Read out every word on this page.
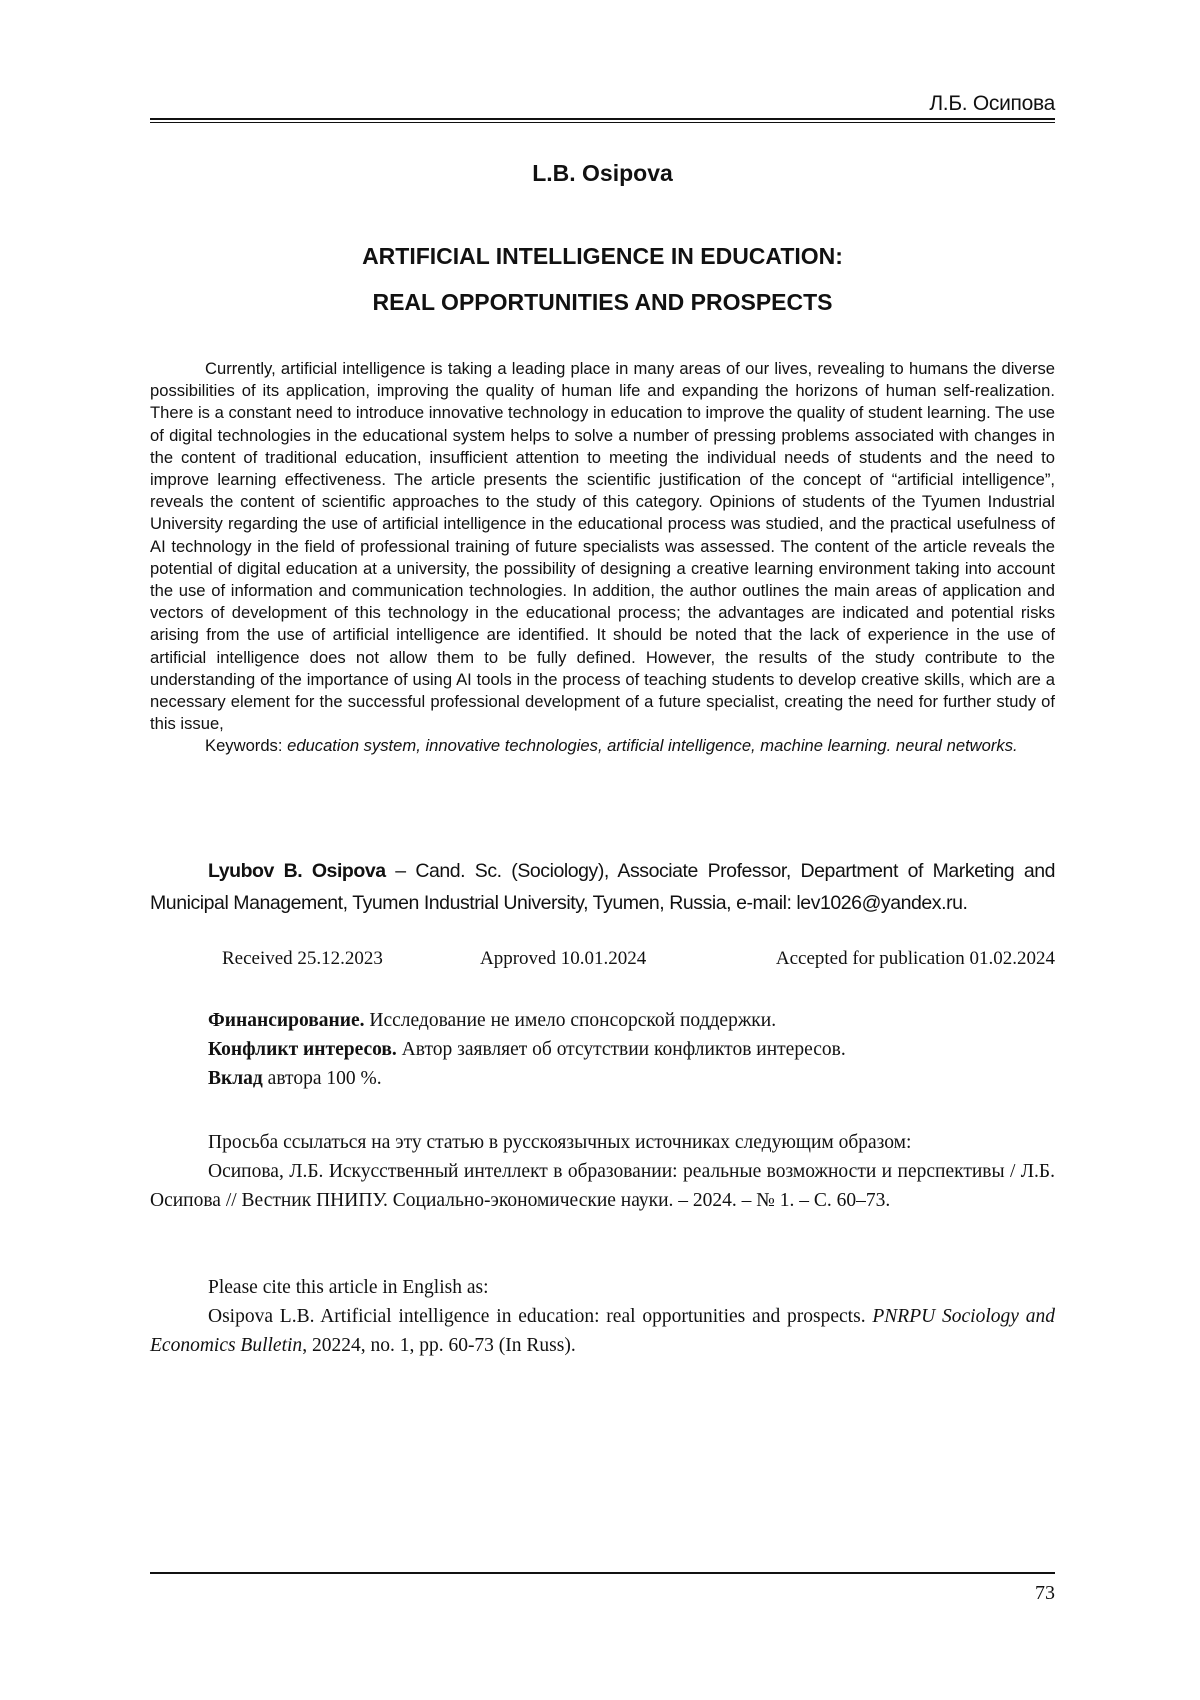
Л.Б. Осипова
L.B. Osipova
ARTIFICIAL INTELLIGENCE IN EDUCATION:
REAL OPPORTUNITIES AND PROSPECTS

Currently, artificial intelligence is taking a leading place in many areas of our lives, revealing to humans the diverse possibilities of its application, improving the quality of human life and expanding the horizons of human self-realization. There is a constant need to introduce innovative technology in education to improve the quality of student learning. The use of digital technologies in the educational system helps to solve a number of pressing problems associated with changes in the content of traditional education, insufficient attention to meeting the individual needs of students and the need to improve learning effectiveness. The article presents the scientific justification of the concept of “artificial intelligence”, reveals the content of scientific approaches to the study of this category. Opinions of students of the Tyumen Industrial University regarding the use of artificial intelligence in the educational process was studied, and the practical usefulness of AI technology in the field of professional training of future specialists was assessed. The content of the article reveals the potential of digital education at a university, the possibility of designing a creative learning environment taking into account the use of information and communication technologies. In addition, the author outlines the main areas of application and vectors of development of this technology in the educational process; the advantages are indicated and potential risks arising from the use of artificial intelligence are identified. It should be noted that the lack of experience in the use of artificial intelligence does not allow them to be fully defined. However, the results of the study contribute to the understanding of the importance of using AI tools in the process of teaching students to develop creative skills, which are a necessary element for the successful professional development of a future specialist, creating the need for further study of this issue,

Keywords: education system, innovative technologies, artificial intelligence, machine learning. neural networks.

Lyubov B. Osipova – Cand. Sc. (Sociology), Associate Professor, Department of Marketing and Municipal Management, Tyumen Industrial University, Tyumen, Russia, e-mail: lev1026@yandex.ru.

Received 25.12.2023	Approved 10.01.2024	Accepted for publication 01.02.2024

Финансирование. Исследование не имело спонсорской поддержки.

Конфликт интересов. Автор заявляет об отсутствии конфликтов интересов.

Вклад автора 100 %.

Просьба ссылаться на эту статью в русскоязычных источниках следующим образом:

Осипова, Л.Б. Искусственный интеллект в образовании: реальные возможности и перспективы / Л.Б. Осипова // Вестник ПНИПУ. Социально-экономические науки. – 2024. – № 1. – С. 60–73.

Please cite this article in English as:

Osipova L.B. Artificial intelligence in education: real opportunities and prospects. PNRPU Sociology and Economics Bulletin, 20224, no. 1, pp. 60-73 (In Russ).

73
